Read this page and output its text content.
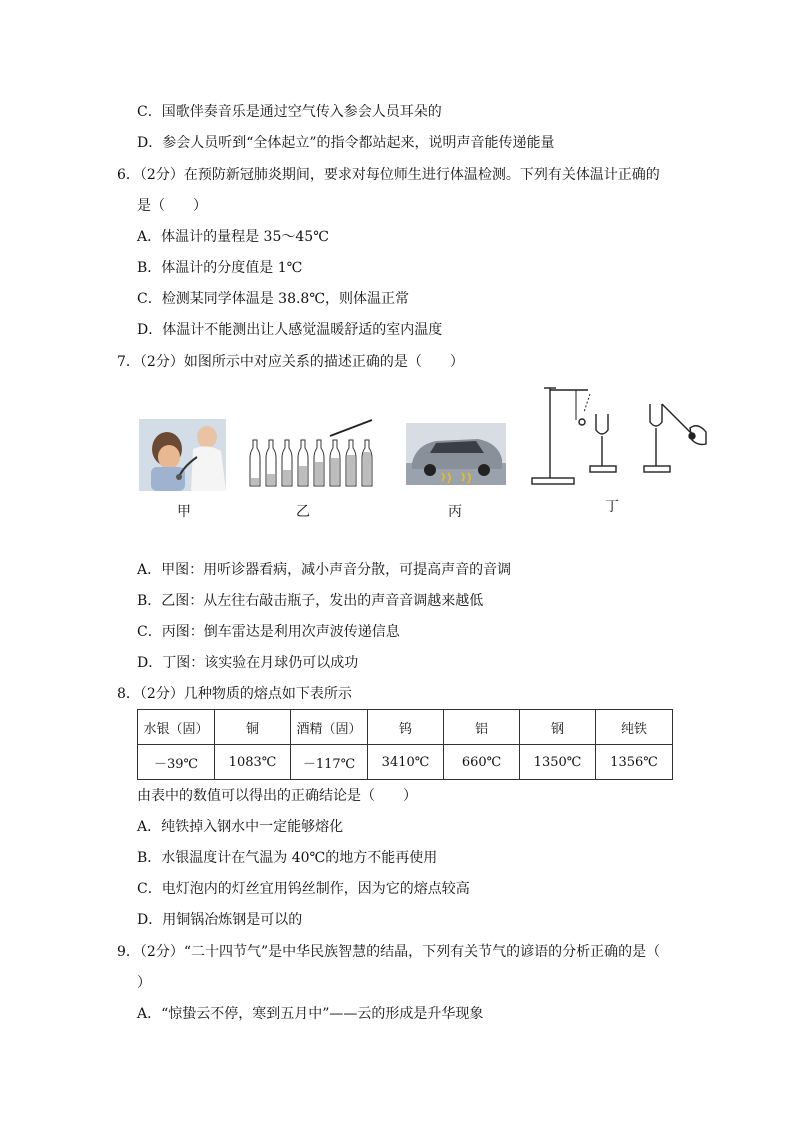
C．国歌伴奏音乐是通过空气传入参会人员耳朵的
D．参会人员听到“全体起立”的指令都站起来，说明声音能传递能量
6．（2分）在预防新冠肺炎期间，要求对每位师生进行体温检测。下列有关体温计正确的
是（　　）
A．体温计的量程是 35～45℃
B．体温计的分度值是 1℃
C．检测某同学体温是 38.8℃，则体温正常
D．体温计不能测出让人感觉温暖舒适的室内温度
7．（2分）如图所示中对应关系的描述正确的是（　　）
甲	乙	丙	丁
A．甲图：用听诊器看病，减小声音分散，可提高声音的音调
B．乙图：从左往右敲击瓶子，发出的声音音调越来越低
C．丙图：倒车雷达是利用次声波传递信息
D．丁图：该实验在月球仍可以成功
8．（2分）几种物质的熔点如下表所示
水银（固）	铜	酒精（固）	钨	铝	钢	纯铁
－39℃	1083℃	－117℃	3410℃	660℃	1350℃	1356℃
由表中的数值可以得出的正确结论是（　　）
A．纯铁掉入钢水中一定能够熔化
B．水银温度计在气温为 40℃的地方不能再使用
C．电灯泡内的灯丝宜用钨丝制作，因为它的熔点较高
D．用铜锅冶炼钢是可以的
9．（2分）“二十四节气”是中华民族智慧的结晶，下列有关节气的谚语的分析正确的是（
）
A．“惊蛰云不停，寒到五月中”——云的形成是升华现象
